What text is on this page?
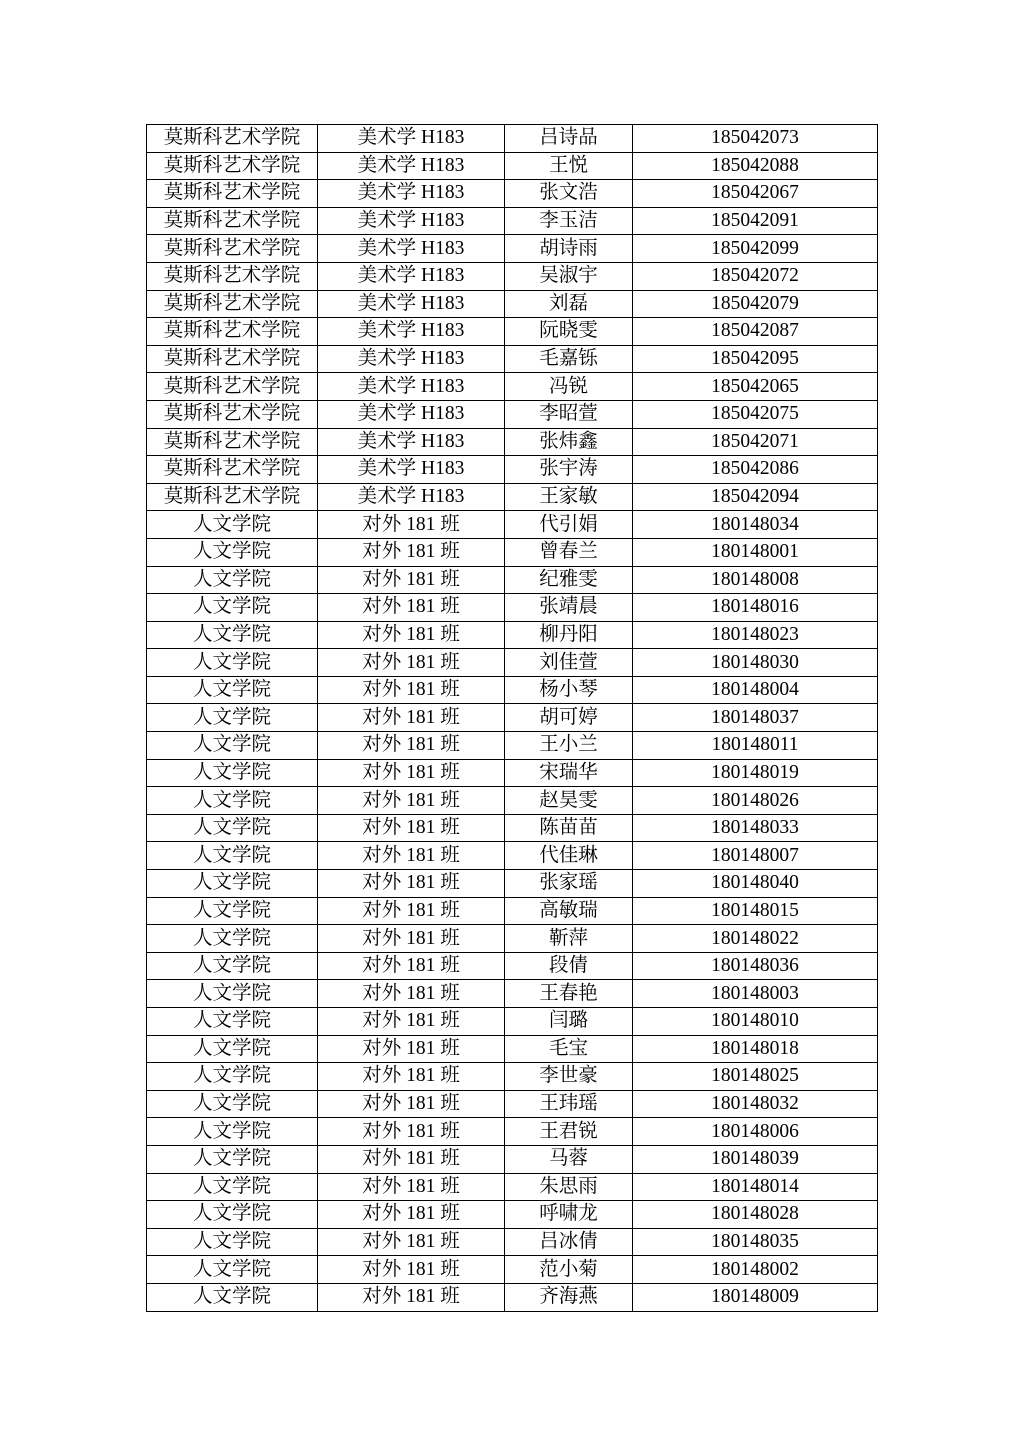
莫斯科艺术学院	美术学 H183	吕诗品	185042073
莫斯科艺术学院	美术学 H183	王悦	185042088
莫斯科艺术学院	美术学 H183	张文浩	185042067
莫斯科艺术学院	美术学 H183	李玉洁	185042091
莫斯科艺术学院	美术学 H183	胡诗雨	185042099
莫斯科艺术学院	美术学 H183	吴淑宇	185042072
莫斯科艺术学院	美术学 H183	刘磊	185042079
莫斯科艺术学院	美术学 H183	阮晓雯	185042087
莫斯科艺术学院	美术学 H183	毛嘉铄	185042095
莫斯科艺术学院	美术学 H183	冯锐	185042065
莫斯科艺术学院	美术学 H183	李昭萱	185042075
莫斯科艺术学院	美术学 H183	张炜鑫	185042071
莫斯科艺术学院	美术学 H183	张宇涛	185042086
莫斯科艺术学院	美术学 H183	王家敏	185042094
人文学院	对外 181 班	代引娟	180148034
人文学院	对外 181 班	曾春兰	180148001
人文学院	对外 181 班	纪雅雯	180148008
人文学院	对外 181 班	张靖晨	180148016
人文学院	对外 181 班	柳丹阳	180148023
人文学院	对外 181 班	刘佳萱	180148030
人文学院	对外 181 班	杨小琴	180148004
人文学院	对外 181 班	胡可婷	180148037
人文学院	对外 181 班	王小兰	180148011
人文学院	对外 181 班	宋瑞华	180148019
人文学院	对外 181 班	赵昊雯	180148026
人文学院	对外 181 班	陈苗苗	180148033
人文学院	对外 181 班	代佳琳	180148007
人文学院	对外 181 班	张家瑶	180148040
人文学院	对外 181 班	高敏瑞	180148015
人文学院	对外 181 班	靳萍	180148022
人文学院	对外 181 班	段倩	180148036
人文学院	对外 181 班	王春艳	180148003
人文学院	对外 181 班	闫璐	180148010
人文学院	对外 181 班	毛宝	180148018
人文学院	对外 181 班	李世豪	180148025
人文学院	对外 181 班	王玮瑶	180148032
人文学院	对外 181 班	王君锐	180148006
人文学院	对外 181 班	马蓉	180148039
人文学院	对外 181 班	朱思雨	180148014
人文学院	对外 181 班	呼啸龙	180148028
人文学院	对外 181 班	吕冰倩	180148035
人文学院	对外 181 班	范小菊	180148002
人文学院	对外 181 班	齐海燕	180148009
